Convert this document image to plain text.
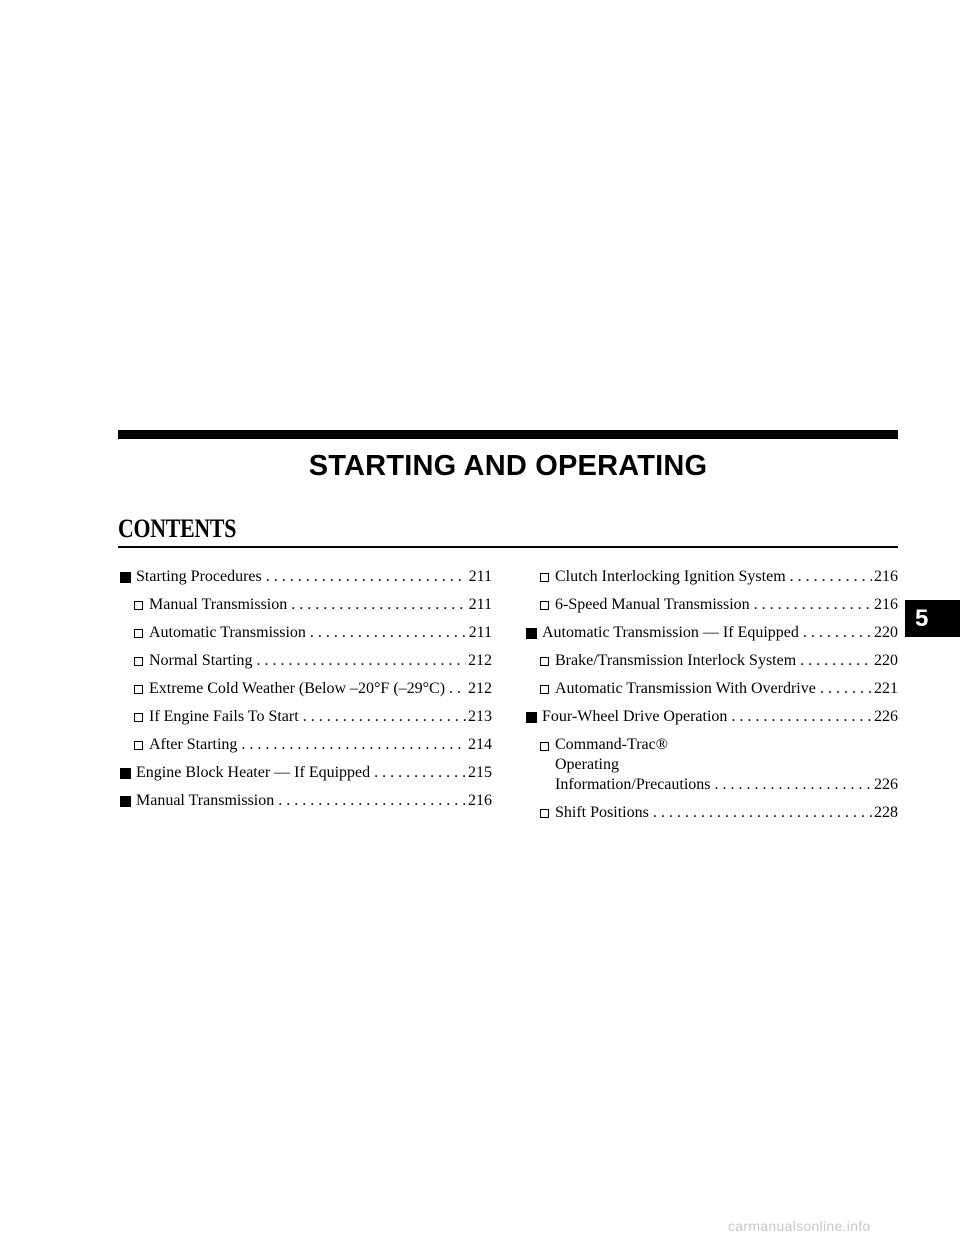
STARTING AND OPERATING
CONTENTS
Starting Procedures . . .	211
Manual Transmission . . .	211
Automatic Transmission . . .	211
Normal Starting . . .	212
Extreme Cold Weather (Below –20°F (–29°C) . . . 212
If Engine Fails To Start . . .	213
After Starting . . .	214
Engine Block Heater — If Equipped . . .	215
Manual Transmission . . .	216
Clutch Interlocking Ignition System . . .	216
6-Speed Manual Transmission . . .	216
Automatic Transmission — If Equipped . . .	220
Brake/Transmission Interlock System . . .	220
Automatic Transmission With Overdrive . . .	221
Four-Wheel Drive Operation . . .	226
Command-Trac® Operating
Information/Precautions . . .	226
Shift Positions . . .	228
5
carmanualsonline.info
